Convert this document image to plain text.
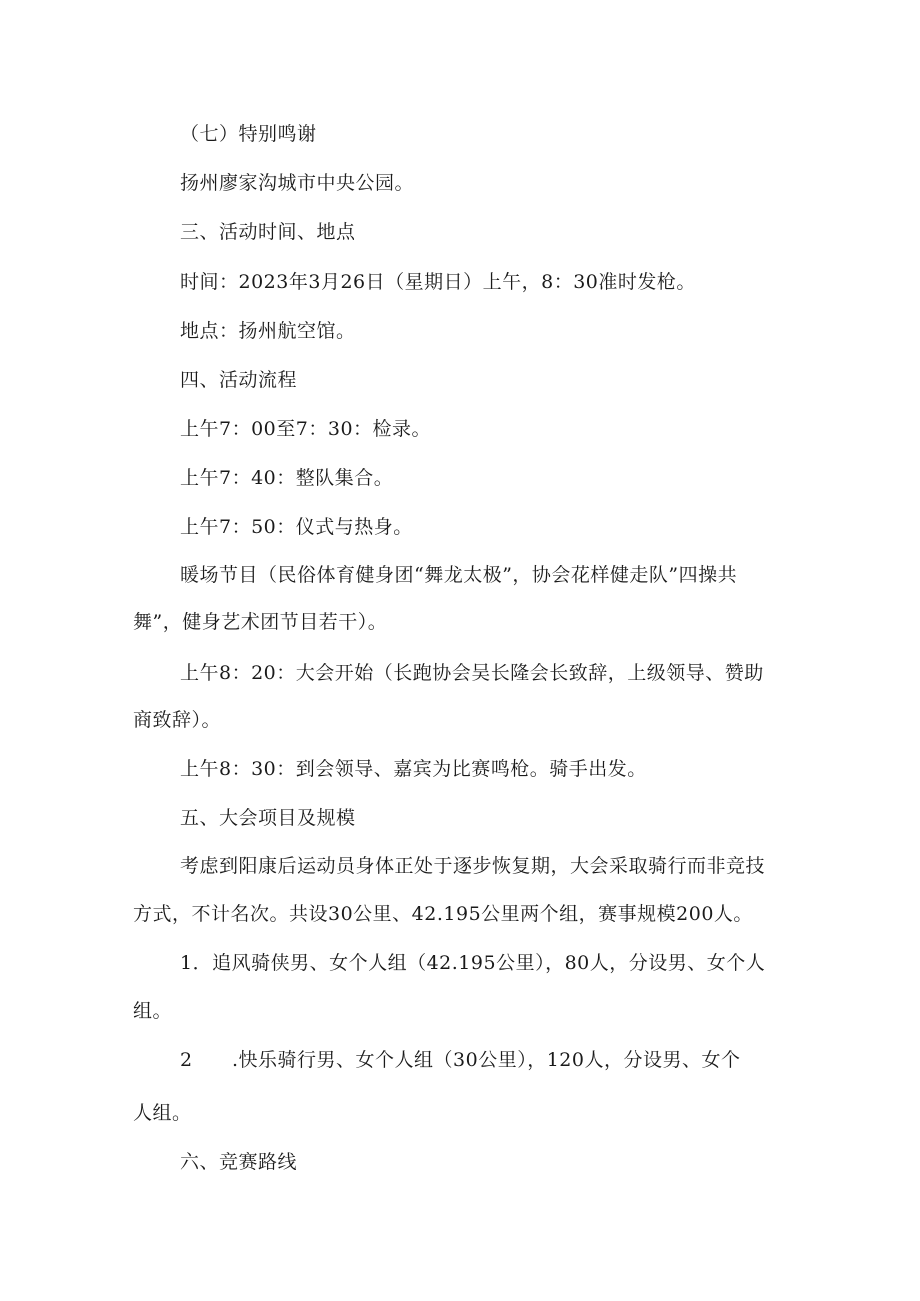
（七）特别鸣谢
扬州廖家沟城市中央公园。
三、活动时间、地点
时间：2023年3月26日（星期日）上午，8：30准时发枪。
地点：扬州航空馆。
四、活动流程
上午7：00至7：30：检录。
上午7：40：整队集合。
上午7：50：仪式与热身。
暖场节目（民俗体育健身团“舞龙太极”，协会花样健走队”四操共
舞”，健身艺术团节目若干）。
上午8：20：大会开始（长跑协会吴长隆会长致辞，上级领导、赞助
商致辞）。
上午8：30：到会领导、嘉宾为比赛鸣枪。骑手出发。
五、大会项目及规模
考虑到阳康后运动员身体正处于逐步恢复期，大会采取骑行而非竞技
方式，不计名次。共设30公里、42.195公里两个组，赛事规模200人。
1．追风骑侠男、女个人组（42.195公里），80人，分设男、女个人
组。
2 .快乐骑行男、女个人组（30公里），120人，分设男、女个
人组。
六、竞赛路线
